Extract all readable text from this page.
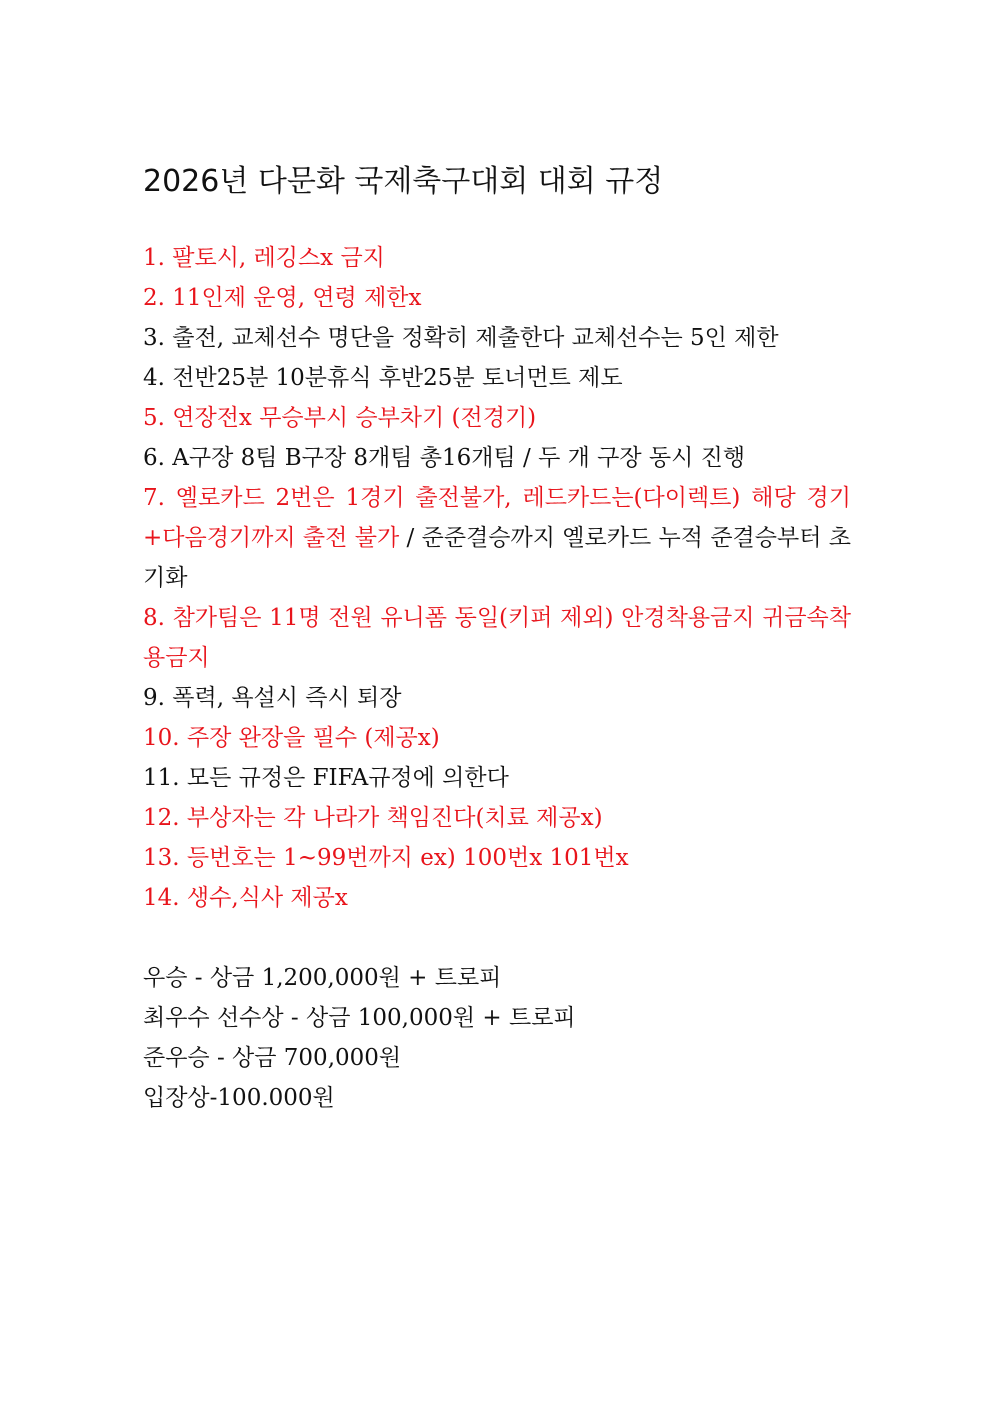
2026년 다문화 국제축구대회 대회 규정
1. 팔토시, 레깅스x 금지
2. 11인제 운영, 연령 제한x
3. 출전, 교체선수 명단을 정확히 제출한다 교체선수는 5인 제한
4. 전반25분 10분휴식 후반25분 토너먼트 제도
5. 연장전x 무승부시 승부차기 (전경기)
6. A구장 8팀 B구장 8개팀 총16개팀 / 두 개 구장 동시 진행
7. 옐로카드 2번은 1경기 출전불가, 레드카드는(다이렉트) 해당 경기+다음경기까지 출전 불가 / 준준결승까지 옐로카드 누적 준결승부터 초기화
8. 참가팀은 11명 전원 유니폼 동일(키퍼 제외) 안경착용금지 귀금속착용금지
9. 폭력, 욕설시 즉시 퇴장
10. 주장 완장을 필수 (제공x)
11. 모든 규정은 FIFA규정에 의한다
12. 부상자는 각 나라가 책임진다(치료 제공x)
13. 등번호는 1~99번까지 ex) 100번x 101번x
14. 생수,식사 제공x
우승 - 상금 1,200,000원 + 트로피
최우수 선수상 - 상금 100,000원 + 트로피
준우승 - 상금 700,000원
입장상-100.000원
